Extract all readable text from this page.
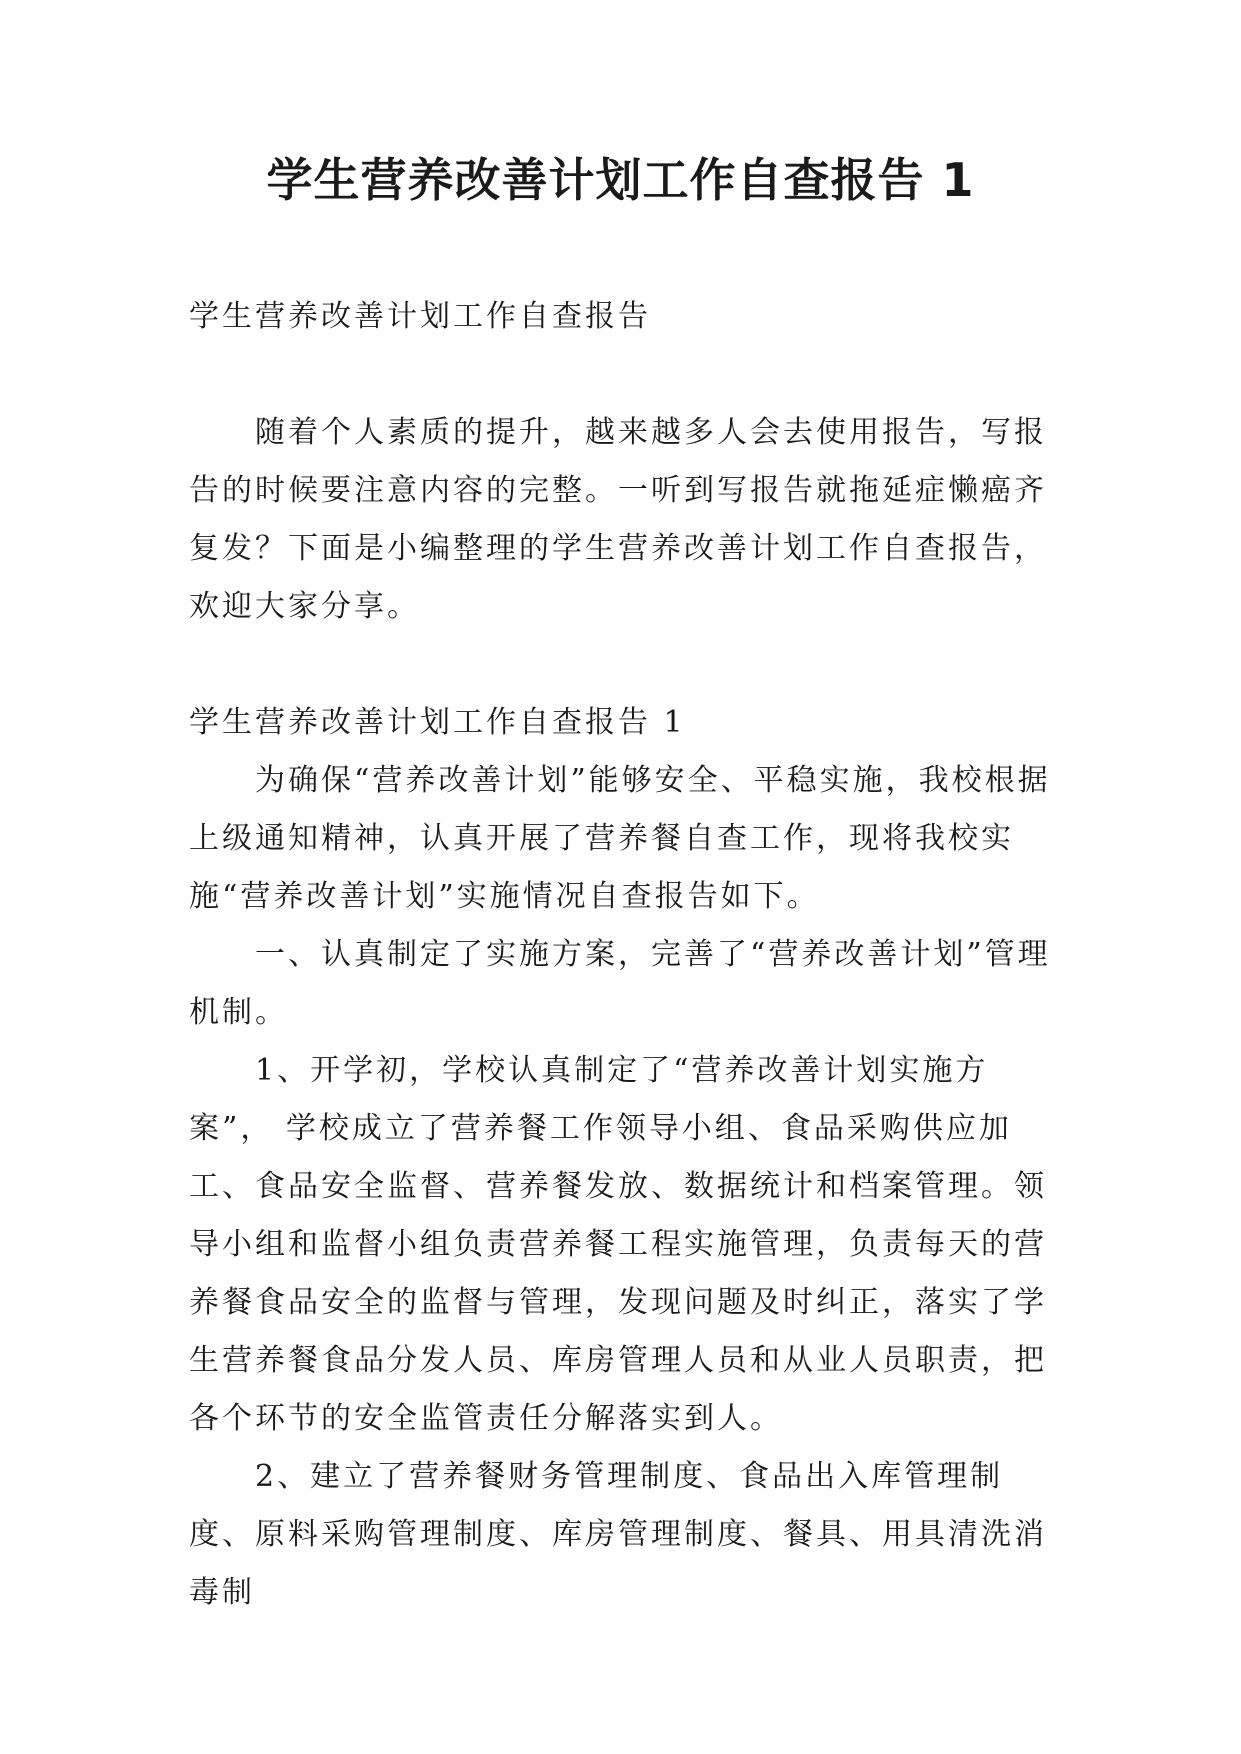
学生营养改善计划工作自查报告 1

学生营养改善计划工作自查报告

随着个人素质的提升，越来越多人会去使用报告，写报告的时候要注意内容的完整。一听到写报告就拖延症懒癌齐复发？下面是小编整理的学生营养改善计划工作自查报告，欢迎大家分享。

学生营养改善计划工作自查报告 1

为确保“营养改善计划”能够安全、平稳实施，我校根据上级通知精神，认真开展了营养餐自查工作，现将我校实施“营养改善计划”实施情况自查报告如下。

一、认真制定了实施方案，完善了“营养改善计划”管理机制。

1、开学初，学校认真制定了“营养改善计划实施方案”， 学校成立了营养餐工作领导小组、食品采购供应加工、食品安全监督、营养餐发放、数据统计和档案管理。领导小组和监督小组负责营养餐工程实施管理，负责每天的营养餐食品安全的监督与管理，发现问题及时纠正，落实了学生营养餐食品分发人员、库房管理人员和从业人员职责，把各个环节的安全监管责任分解落实到人。

2、建立了营养餐财务管理制度、食品出入库管理制度、原料采购管理制度、库房管理制度、餐具、用具清洗消毒制
